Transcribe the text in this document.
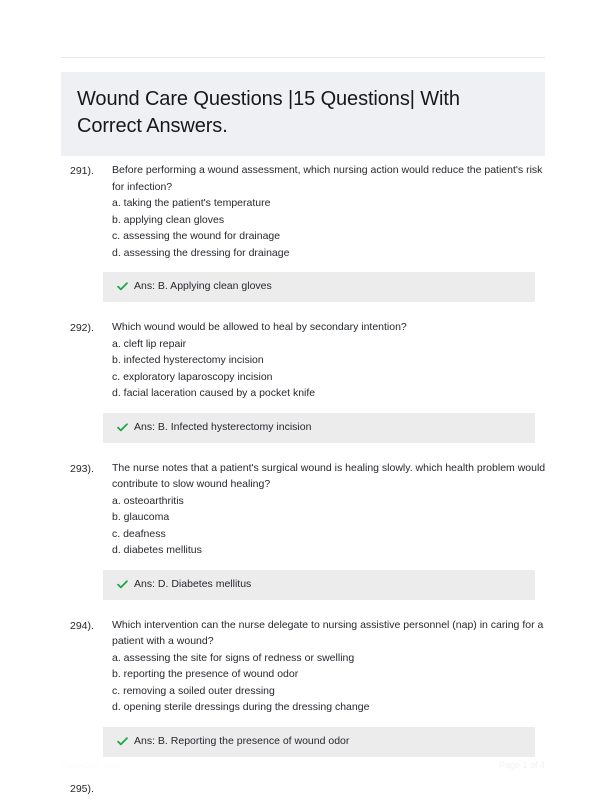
Wound Care Questions |15 Questions| With Correct Answers.
291).	Before performing a wound assessment, which nursing action would reduce the patient's risk for infection?

a. taking the patient's temperature
b. applying clean gloves
c. assessing the wound for drainage
d. assessing the dressing for drainage
Ans: B. Applying clean gloves
292).	Which wound would be allowed to heal by secondary intention?

a. cleft lip repair
b. infected hysterectomy incision
c. exploratory laparoscopy incision
d. facial laceration caused by a pocket knife
Ans: B. Infected hysterectomy incision
293).	The nurse notes that a patient's surgical wound is healing slowly. which health problem would contribute to slow wound healing?

a. osteoarthritis
b. glaucoma
c. deafness
d. diabetes mellitus
Ans: D. Diabetes mellitus
294).	Which intervention can the nurse delegate to nursing assistive personnel (nap) in caring for a patient with a wound?

a. assessing the site for signs of redness or swelling
b. reporting the presence of wound odor
c. removing a soiled outer dressing
d. opening sterile dressings during the dressing change
Ans: B. Reporting the presence of wound odor
295).
PaperStoc.com	Page 1 of 4
